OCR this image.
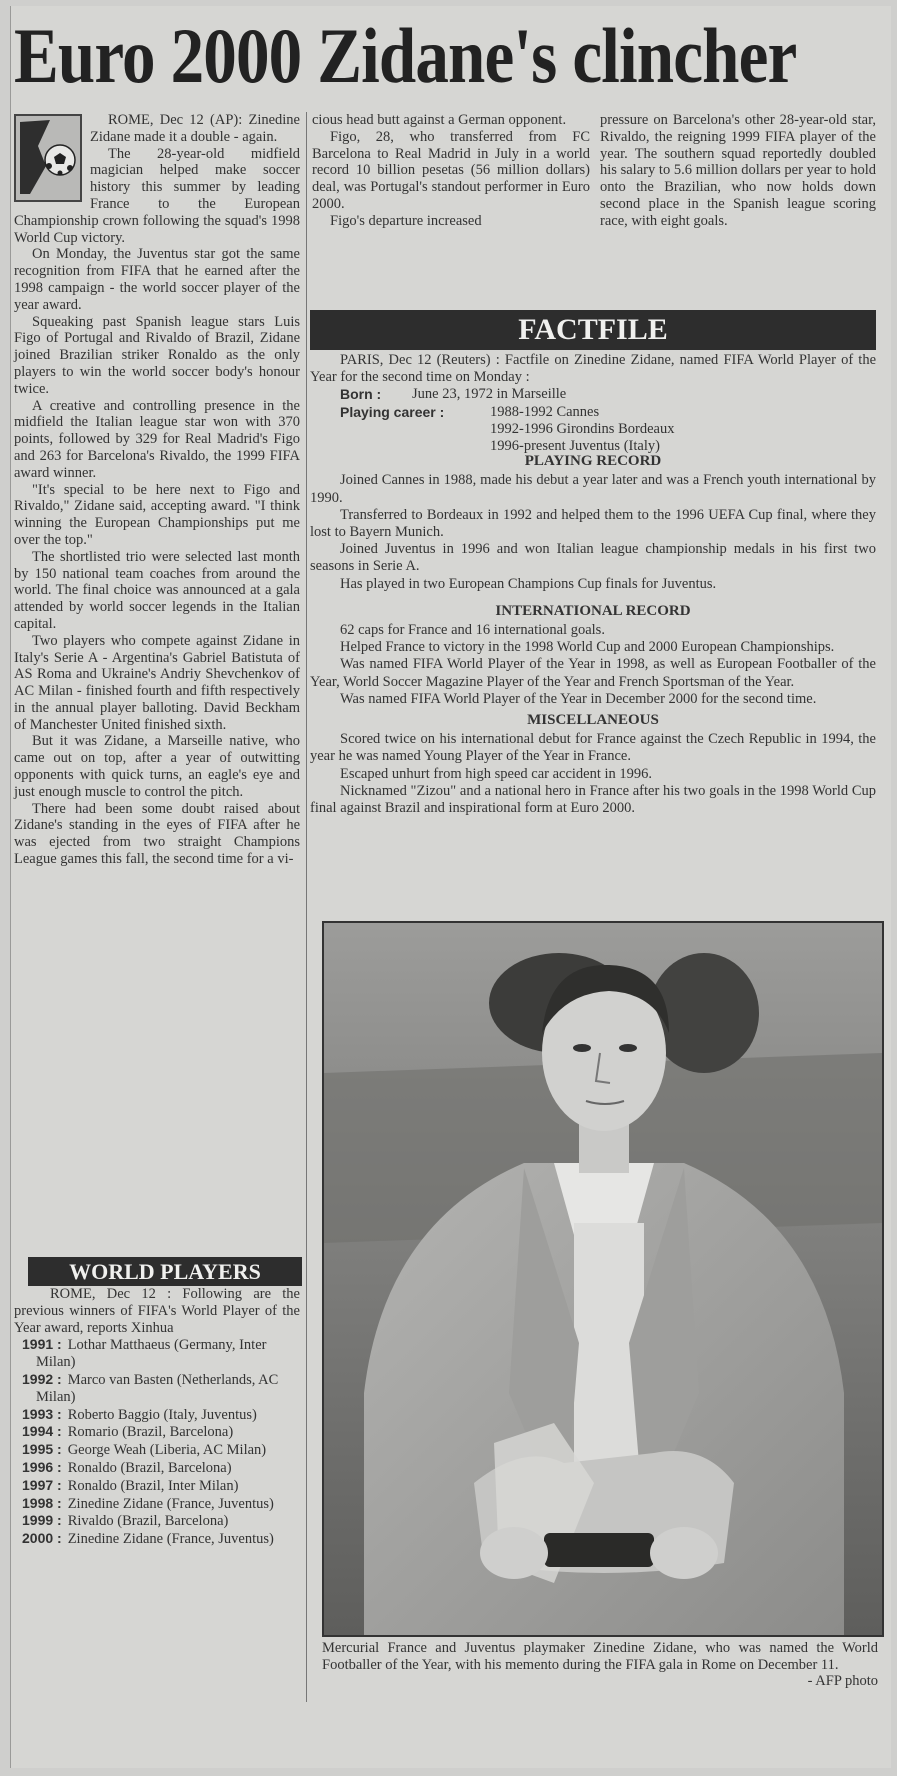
Euro 2000 Zidane's clincher

ROME, Dec 12 (AP): Zinedine Zidane made it a double - again.

The 28-year-old midfield magician helped make soccer history this summer by leading France to the European Championship crown following the squad's 1998 World Cup victory.

On Monday, the Juventus star got the same recognition from FIFA that he earned after the 1998 campaign - the world soccer player of the year award.

Squeaking past Spanish league stars Luis Figo of Portugal and Rivaldo of Brazil, Zidane joined Brazilian striker Ronaldo as the only players to win the world soccer body's honour twice.

A creative and controlling presence in the midfield the Italian league star won with 370 points, followed by 329 for Real Madrid's Figo and 263 for Barcelona's Rivaldo, the 1999 FIFA award winner.

"It's special to be here next to Figo and Rivaldo," Zidane said, accepting award. "I think winning the European Championships put me over the top."

The shortlisted trio were selected last month by 150 national team coaches from around the world. The final choice was announced at a gala attended by world soccer legends in the Italian capital.

Two players who compete against Zidane in Italy's Serie A - Argentina's Gabriel Batistuta of AS Roma and Ukraine's Andriy Shevchenkov of AC Milan - finished fourth and fifth respectively in the annual player balloting. David Beckham of Manchester United finished sixth.

But it was Zidane, a Marseille native, who came out on top, after a year of outwitting opponents with quick turns, an eagle's eye and just enough muscle to control the pitch.

There had been some doubt raised about Zidane's standing in the eyes of FIFA after he was ejected from two straight Champions League games this fall, the second time for a vi-

cious head butt against a German opponent.

Figo, 28, who transferred from FC Barcelona to Real Madrid in July in a world record 10 billion pesetas (56 million dollars) deal, was Portugal's standout performer in Euro 2000.

Figo's departure increased

pressure on Barcelona's other 28-year-old star, Rivaldo, the reigning 1999 FIFA player of the year. The southern squad reportedly doubled his salary to 5.6 million dollars per year to hold onto the Brazilian, who now holds down second place in the Spanish league scoring race, with eight goals.

FACTFILE

PARIS, Dec 12 (Reuters) : Factfile on Zinedine Zidane, named FIFA World Player of the Year for the second time on Monday :

Born :	June 23, 1972 in Marseille
Playing career :	1988-1992 Cannes
1992-1996 Girondins Bordeaux
1996-present Juventus (Italy)
PLAYING RECORD

Joined Cannes in 1988, made his debut a year later and was a French youth international by 1990.

Transferred to Bordeaux in 1992 and helped them to the 1996 UEFA Cup final, where they lost to Bayern Munich.

Joined Juventus in 1996 and won Italian league championship medals in his first two seasons in Serie A.

Has played in two European Champions Cup finals for Juventus.

INTERNATIONAL RECORD

62 caps for France and 16 international goals.

Helped France to victory in the 1998 World Cup and 2000 European Championships.

Was named FIFA World Player of the Year in 1998, as well as European Footballer of the Year, World Soccer Magazine Player of the Year and French Sportsman of the Year.

Was named FIFA World Player of the Year in December 2000 for the second time.

MISCELLANEOUS

Scored twice on his international debut for France against the Czech Republic in 1994, the year he was named Young Player of the Year in France.

Escaped unhurt from high speed car accident in 1996.

Nicknamed "Zizou" and a national hero in France after his two goals in the 1998 World Cup final against Brazil and inspirational form at Euro 2000.

WORLD PLAYERS

ROME, Dec 12 : Following are the previous winners of FIFA's World Player of the Year award, reports Xinhua

1991 : Lothar Matthaeus (Germany, Inter Milan)

1992 : Marco van Basten (Netherlands, AC Milan)

1993 : Roberto Baggio (Italy, Juventus)

1994 : Romario (Brazil, Barcelona)

1995 : George Weah (Liberia, AC Milan)

1996 : Ronaldo (Brazil, Barcelona)

1997 : Ronaldo (Brazil, Inter Milan)

1998 : Zinedine Zidane (France, Juventus)

1999 : Rivaldo (Brazil, Barcelona)

2000 : Zinedine Zidane (France, Juventus)

Mercurial France and Juventus playmaker Zinedine Zidane, who was named the World Footballer of the Year, with his memento during the FIFA gala in Rome on December 11.
- AFP photo
